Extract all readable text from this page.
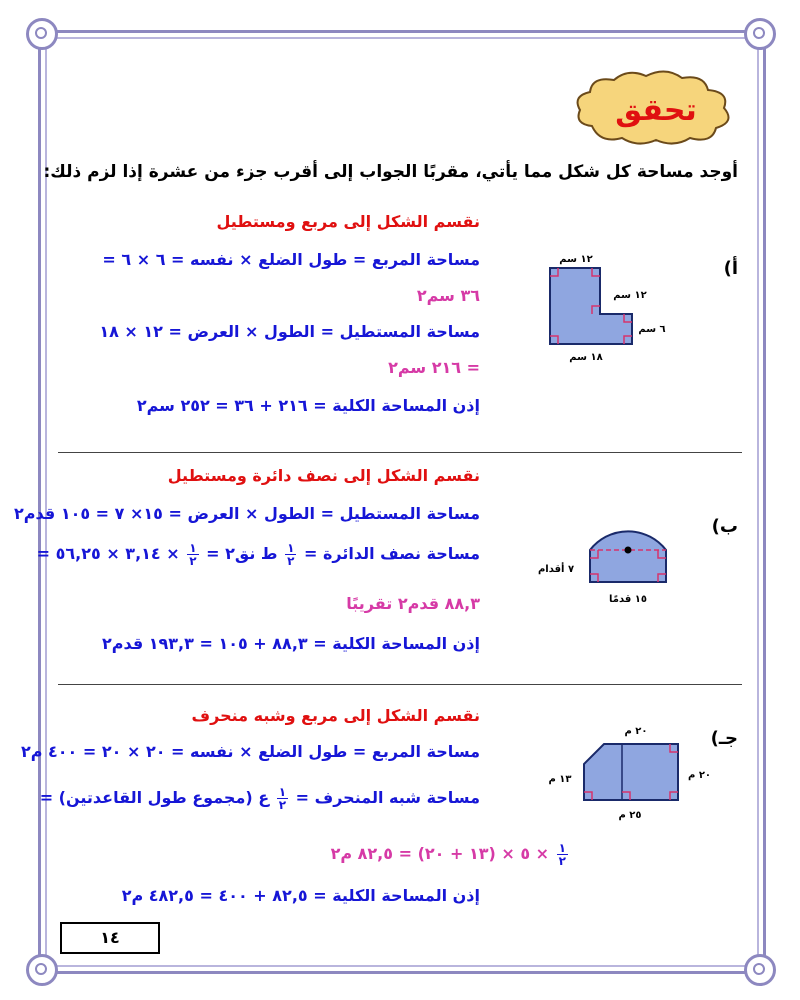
تحقق
أوجد مساحة كل شكل مما يأتي، مقربًا الجواب إلى أقرب جزء من عشرة إذا لزم ذلك:
أ)
نقسم الشكل إلى مربع ومستطيل
مساحة المربع = طول الضلع × نفسه = ٦ × ٦ =
٣٦ سم٢
مساحة المستطيل = الطول × العرض = ١٢ × ١٨
= ٢١٦ سم٢
إذن المساحة الكلية = ٢١٦ + ٣٦ = ٢٥٢ سم٢
١٢ سم
١٢ سم
٦ سم
١٨ سم
ب)
نقسم الشكل إلى نصف دائرة ومستطيل
مساحة المستطيل = الطول × العرض = ١٥× ٧ = ١٠٥ قدم٢
مساحة نصف الدائرة =
$\frac{١}{٢}$
ط نق٢ =
$\frac{١}{٢}$
× ٣,١٤ × ٥٦,٢٥ =
٨٨,٣ قدم٢ تقريبًا
إذن المساحة الكلية = ٨٨,٣ + ١٠٥ = ١٩٣,٣ قدم٢
٧ أقدام
١٥ قدمًا
جـ)
نقسم الشكل إلى مربع وشبه منحرف
مساحة المربع = طول الضلع × نفسه = ٢٠ × ٢٠ = ٤٠٠ م٢
مساحة شبه المنحرف =
$\frac{١}{٢}$
ع (مجموع طول القاعدتين) =
$\frac{١}{٢}$
× ٥ × (١٣ + ٢٠) = ٨٢,٥ م٢
إذن المساحة الكلية = ٨٢,٥ + ٤٠٠ = ٤٨٢,٥ م٢
٢٠ م
٢٠ م
١٣ م
٢٥ م
١٤
